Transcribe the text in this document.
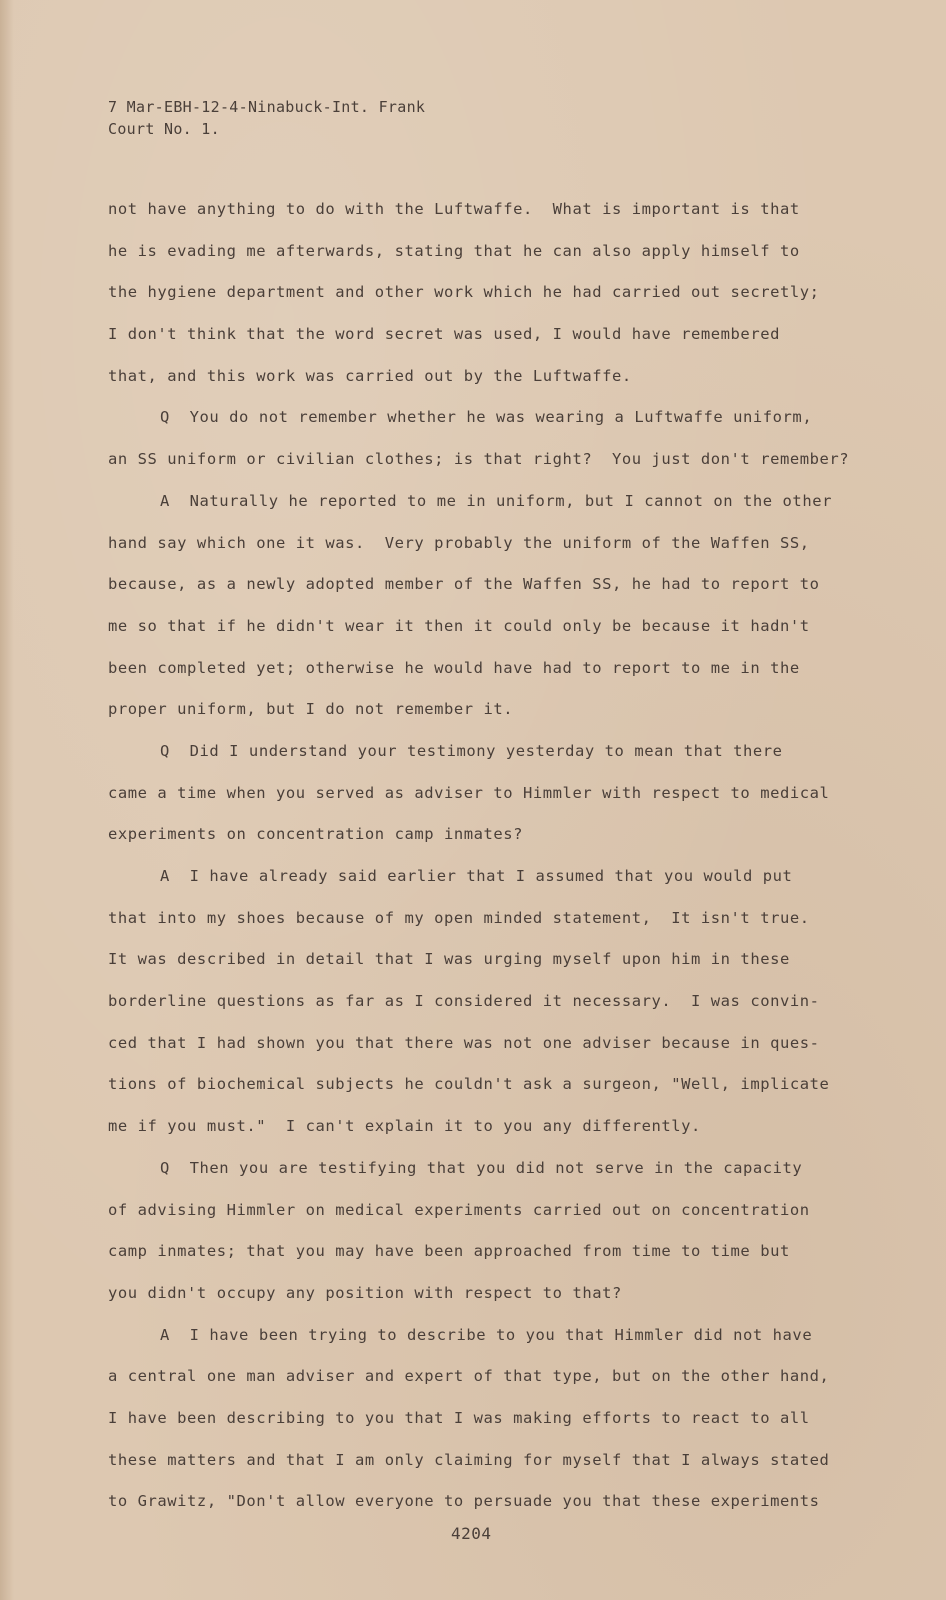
7 Mar-EBH-12-4-Ninabuck-Int. Frank
Court No. 1.
not have anything to do with the Luftwaffe.  What is important is that
he is evading me afterwards, stating that he can also apply himself to
the hygiene department and other work which he had carried out secretly;
I don't think that the word secret was used, I would have remembered
that, and this work was carried out by the Luftwaffe.
Q  You do not remember whether he was wearing a Luftwaffe uniform,
an SS uniform or civilian clothes; is that right?  You just don't remember?
A  Naturally he reported to me in uniform, but I cannot on the other
hand say which one it was.  Very probably the uniform of the Waffen SS,
because, as a newly adopted member of the Waffen SS, he had to report to
me so that if he didn't wear it then it could only be because it hadn't
been completed yet; otherwise he would have had to report to me in the
proper uniform, but I do not remember it.
Q  Did I understand your testimony yesterday to mean that there
came a time when you served as adviser to Himmler with respect to medical
experiments on concentration camp inmates?
A  I have already said earlier that I assumed that you would put
that into my shoes because of my open minded statement,  It isn't true.
It was described in detail that I was urging myself upon him in these
borderline questions as far as I considered it necessary.  I was convin-
ced that I had shown you that there was not one adviser because in ques-
tions of biochemical subjects he couldn't ask a surgeon, "Well, implicate
me if you must."  I can't explain it to you any differently.
Q  Then you are testifying that you did not serve in the capacity
of advising Himmler on medical experiments carried out on concentration
camp inmates; that you may have been approached from time to time but
you didn't occupy any position with respect to that?
A  I have been trying to describe to you that Himmler did not have
a central one man adviser and expert of that type, but on the other hand,
I have been describing to you that I was making efforts to react to all
these matters and that I am only claiming for myself that I always stated
to Grawitz, "Don't allow everyone to persuade you that these experiments
4204
